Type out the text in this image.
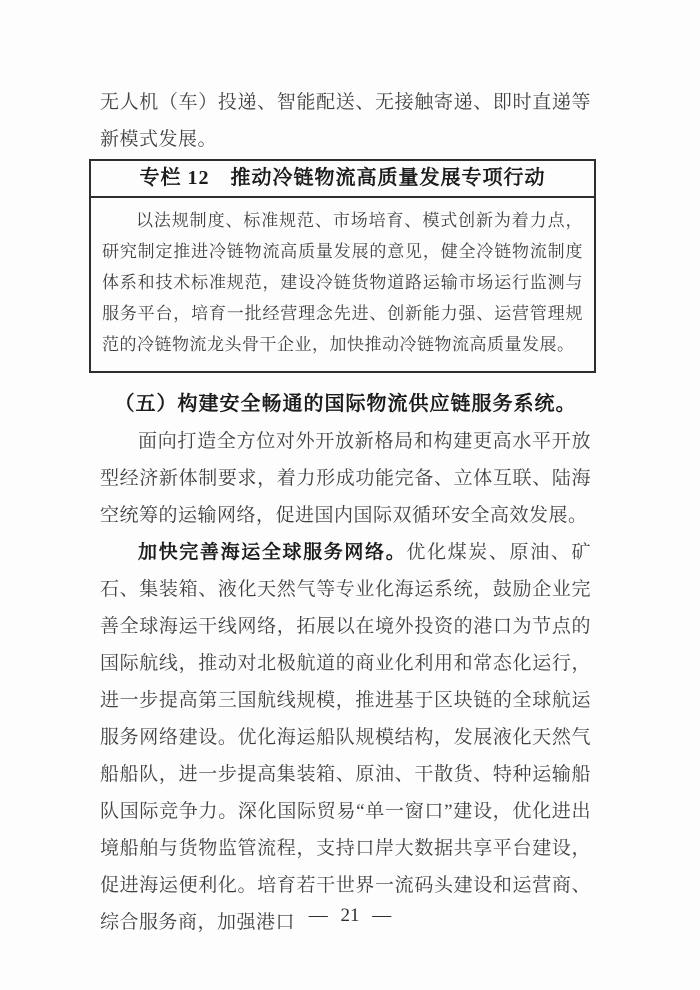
无人机（车）投递、智能配送、无接触寄递、即时直递等新模式发展。

专栏 12　推动冷链物流高质量发展专项行动
以法规制度、标准规范、市场培育、模式创新为着力点，研究制定推进冷链物流高质量发展的意见，健全冷链物流制度体系和技术标准规范，建设冷链货物道路运输市场运行监测与服务平台，培育一批经营理念先进、创新能力强、运营管理规范的冷链物流龙头骨干企业，加快推动冷链物流高质量发展。
（五）构建安全畅通的国际物流供应链服务系统。

面向打造全方位对外开放新格局和构建更高水平开放型经济新体制要求，着力形成功能完备、立体互联、陆海空统筹的运输网络，促进国内国际双循环安全高效发展。

加快完善海运全球服务网络。优化煤炭、原油、矿石、集装箱、液化天然气等专业化海运系统，鼓励企业完善全球海运干线网络，拓展以在境外投资的港口为节点的国际航线，推动对北极航道的商业化利用和常态化运行，进一步提高第三国航线规模，推进基于区块链的全球航运服务网络建设。优化海运船队规模结构，发展液化天然气船船队，进一步提高集装箱、原油、干散货、特种运输船队国际竞争力。深化国际贸易“单一窗口”建设，优化进出境船舶与货物监管流程，支持口岸大数据共享平台建设，促进海运便利化。培育若干世界一流码头建设和运营商、综合服务商，加强港口 — 21 —
